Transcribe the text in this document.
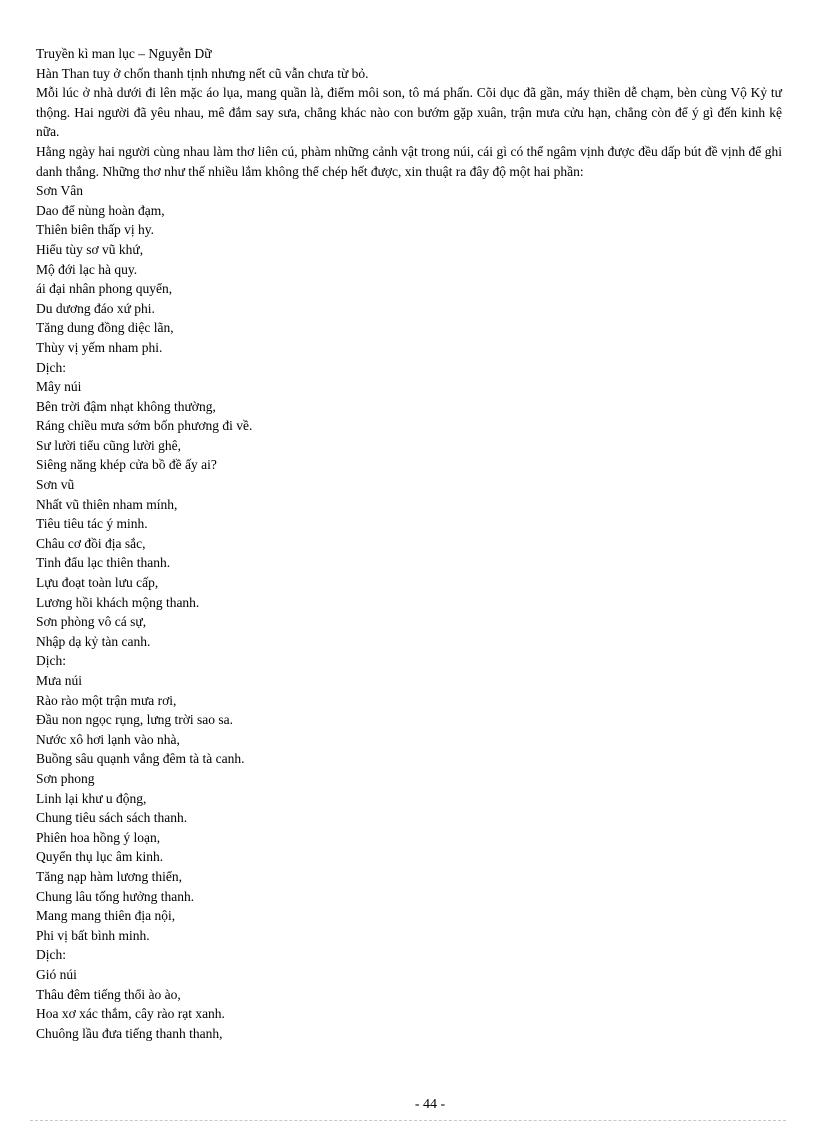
Truyền kì man lục – Nguyễn Dữ

Hàn Than tuy ở chốn thanh tịnh nhưng nết cũ vẫn chưa từ bỏ.

Mỗi lúc ở nhà dưới đi lên mặc áo lụa, mang quần là, điểm môi son, tô má phấn. Cõi dục đã gần, máy thiền dễ chạm, bèn cùng Vộ Kỷ tư thộng. Hai người đã yêu nhau, mê đắm say sưa, chẳng khác nào con bướm gặp xuân, trận mưa cửu hạn, chẳng còn để ý gì đến kinh kệ nữa.

Hằng ngày hai người cùng nhau làm thơ liên cú, phàm những cảnh vật trong núi, cái gì có thể ngâm vịnh được đều dấp bút đề vịnh để ghi danh thắng. Những thơ như thế nhiều lắm không thể chép hết được, xin thuật ra đây độ một hai phần:

Sơn Vân

Dao để nùng hoàn đạm,

Thiên biên thấp vị hy.

Hiểu tùy sơ vũ khứ,

Mộ đới lạc hà quy.

ái đại nhân phong quyển,

Du dương đáo xứ phi.

Tăng dung đồng diệc lãn,

Thùy vị yếm nham phi.

Dịch:

Mây núi

Bên trời đậm nhạt không thường,

Ráng chiều mưa sớm bốn phương đi về.

Sư lười tiểu cũng lười ghê,

Siêng năng khép cửa bồ đề ấy ai?

Sơn vũ

Nhất vũ thiên nham mính,

Tiêu tiêu tác ý minh.

Châu cơ đồi địa sắc,

Tinh đẩu lạc thiên thanh.

Lựu đoạt toàn lưu cấp,

Lương hồi khách mộng thanh.

Sơn phòng vô cá sự,

Nhập dạ kỷ tàn canh.

Dịch:

Mưa núi

Rào rào một trận mưa rơi,

Đầu non ngọc rụng, lưng trời sao sa.

Nước xô hơi lạnh vào nhà,

Buồng sâu quạnh vắng đêm tà tà canh.

Sơn phong

Linh lại khư u động,

Chung tiêu sách sách thanh.

Phiên hoa hồng ý loạn,

Quyển thụ lục âm kinh.

Tăng nạp hàm lương thiển,

Chung lâu tống hưởng thanh.

Mang mang thiên địa nội,

Phi vị bất bình minh.

Dịch:

Gió núi

Thâu đêm tiếng thổi ào ào,

Hoa xơ xác thắm, cây rào rạt xanh.

Chuông lầu đưa tiếng thanh thanh,

- 44 -
